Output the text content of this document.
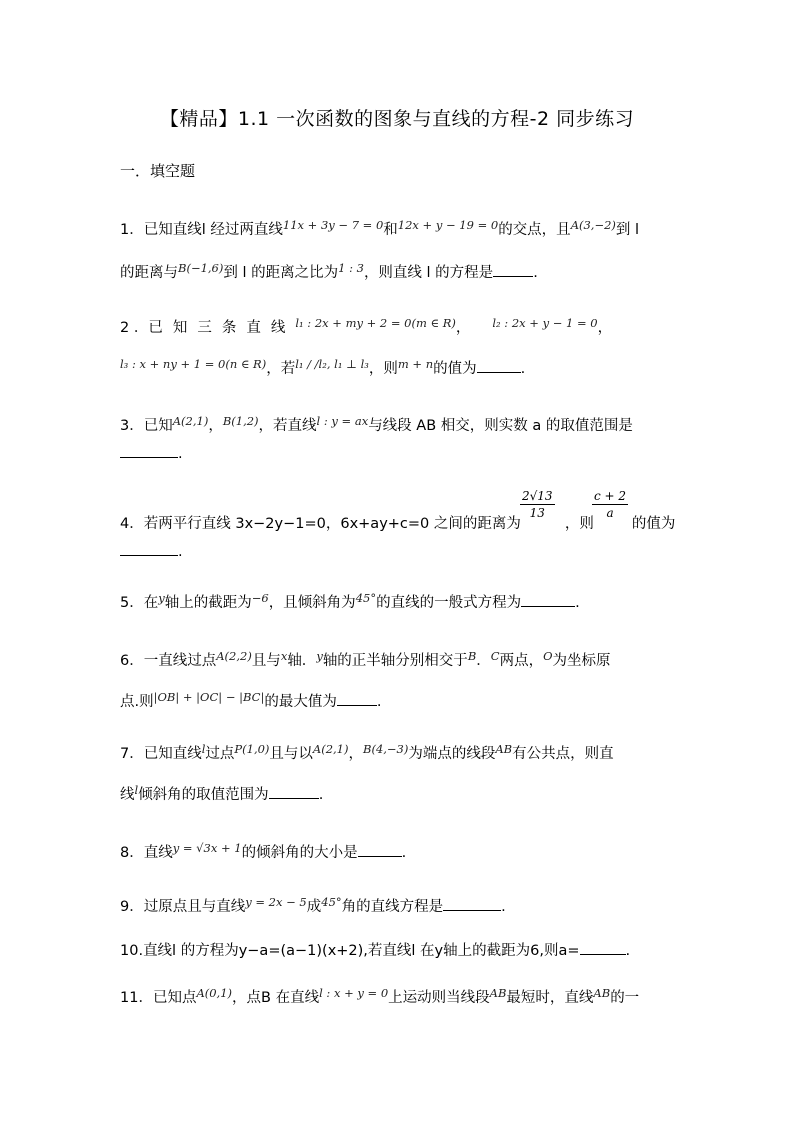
【精品】1.1 一次函数的图象与直线的方程-2 同步练习
一．填空题
1．已知直线l 经过两直线$^{11x + 3y - 7 = 0}$和$^{12x + y - 19 = 0}$的交点，且$^{A(3,-2)}$到 l
的距离与$^{B(-1,6)}$到 l 的距离之比为$^{1 : 3}$，则直线 l 的方程是	.
2 ．已知三条直线$^{l_1 : 2x + my + 2 = 0(m \in R)}$， $^{l_2 : 2x + y - 1 = 0}$，
$^{l_3 : x + ny + 1 = 0(n \in R)}$，若$^{l_1 / /l_2, l_1 \perp l_3}$，则$^{m + n}$的值为	.
3．已知$^{A(2,1)}$，$^{B(1,2)}$，若直线$^{l : y = ax}$与线段 AB 相交，则实数 a 的取值范围是
.
$\frac{2√13}{13}$	$\frac{c + 2}{a}$
4．若两平行直线 3x−2y−1=0，6x+ay+c=0 之间的距离为	，则	的值为
.
5．在$^y$轴上的截距为$^{-6}$，且倾斜角为$^{45^\circ}$的直线的一般式方程为	.
6．一直线过点$^{A(2,2)}$且与$^x$轴．$^y$轴的正半轴分别相交于$^B$．$^C$两点，$^O$为坐标原
点.则$^{|OB| + |OC| - |BC|}$的最大值为	.
7．已知直线$^l$过点$^{P(1,0)}$且与以$^{A(2,1)}$，$^{B(4,-3)}$为端点的线段$^{AB}$有公共点，则直
线$^l$倾斜角的取值范围为	.
8．直线$^{y = √3x + 1}$的倾斜角的大小是	.
9．过原点且与直线$^{y = 2x - 5}$成$^{45^\circ}$角的直线方程是	.
10.直线l 的方程为y−a=(a−1)(x+2),若直线l 在y轴上的截距为6,则a=	.
11．已知点$^{A(0,1)}$，点B 在直线$^{l : x + y = 0}$上运动则当线段$^{AB}$最短时，直线$^{AB}$的一
